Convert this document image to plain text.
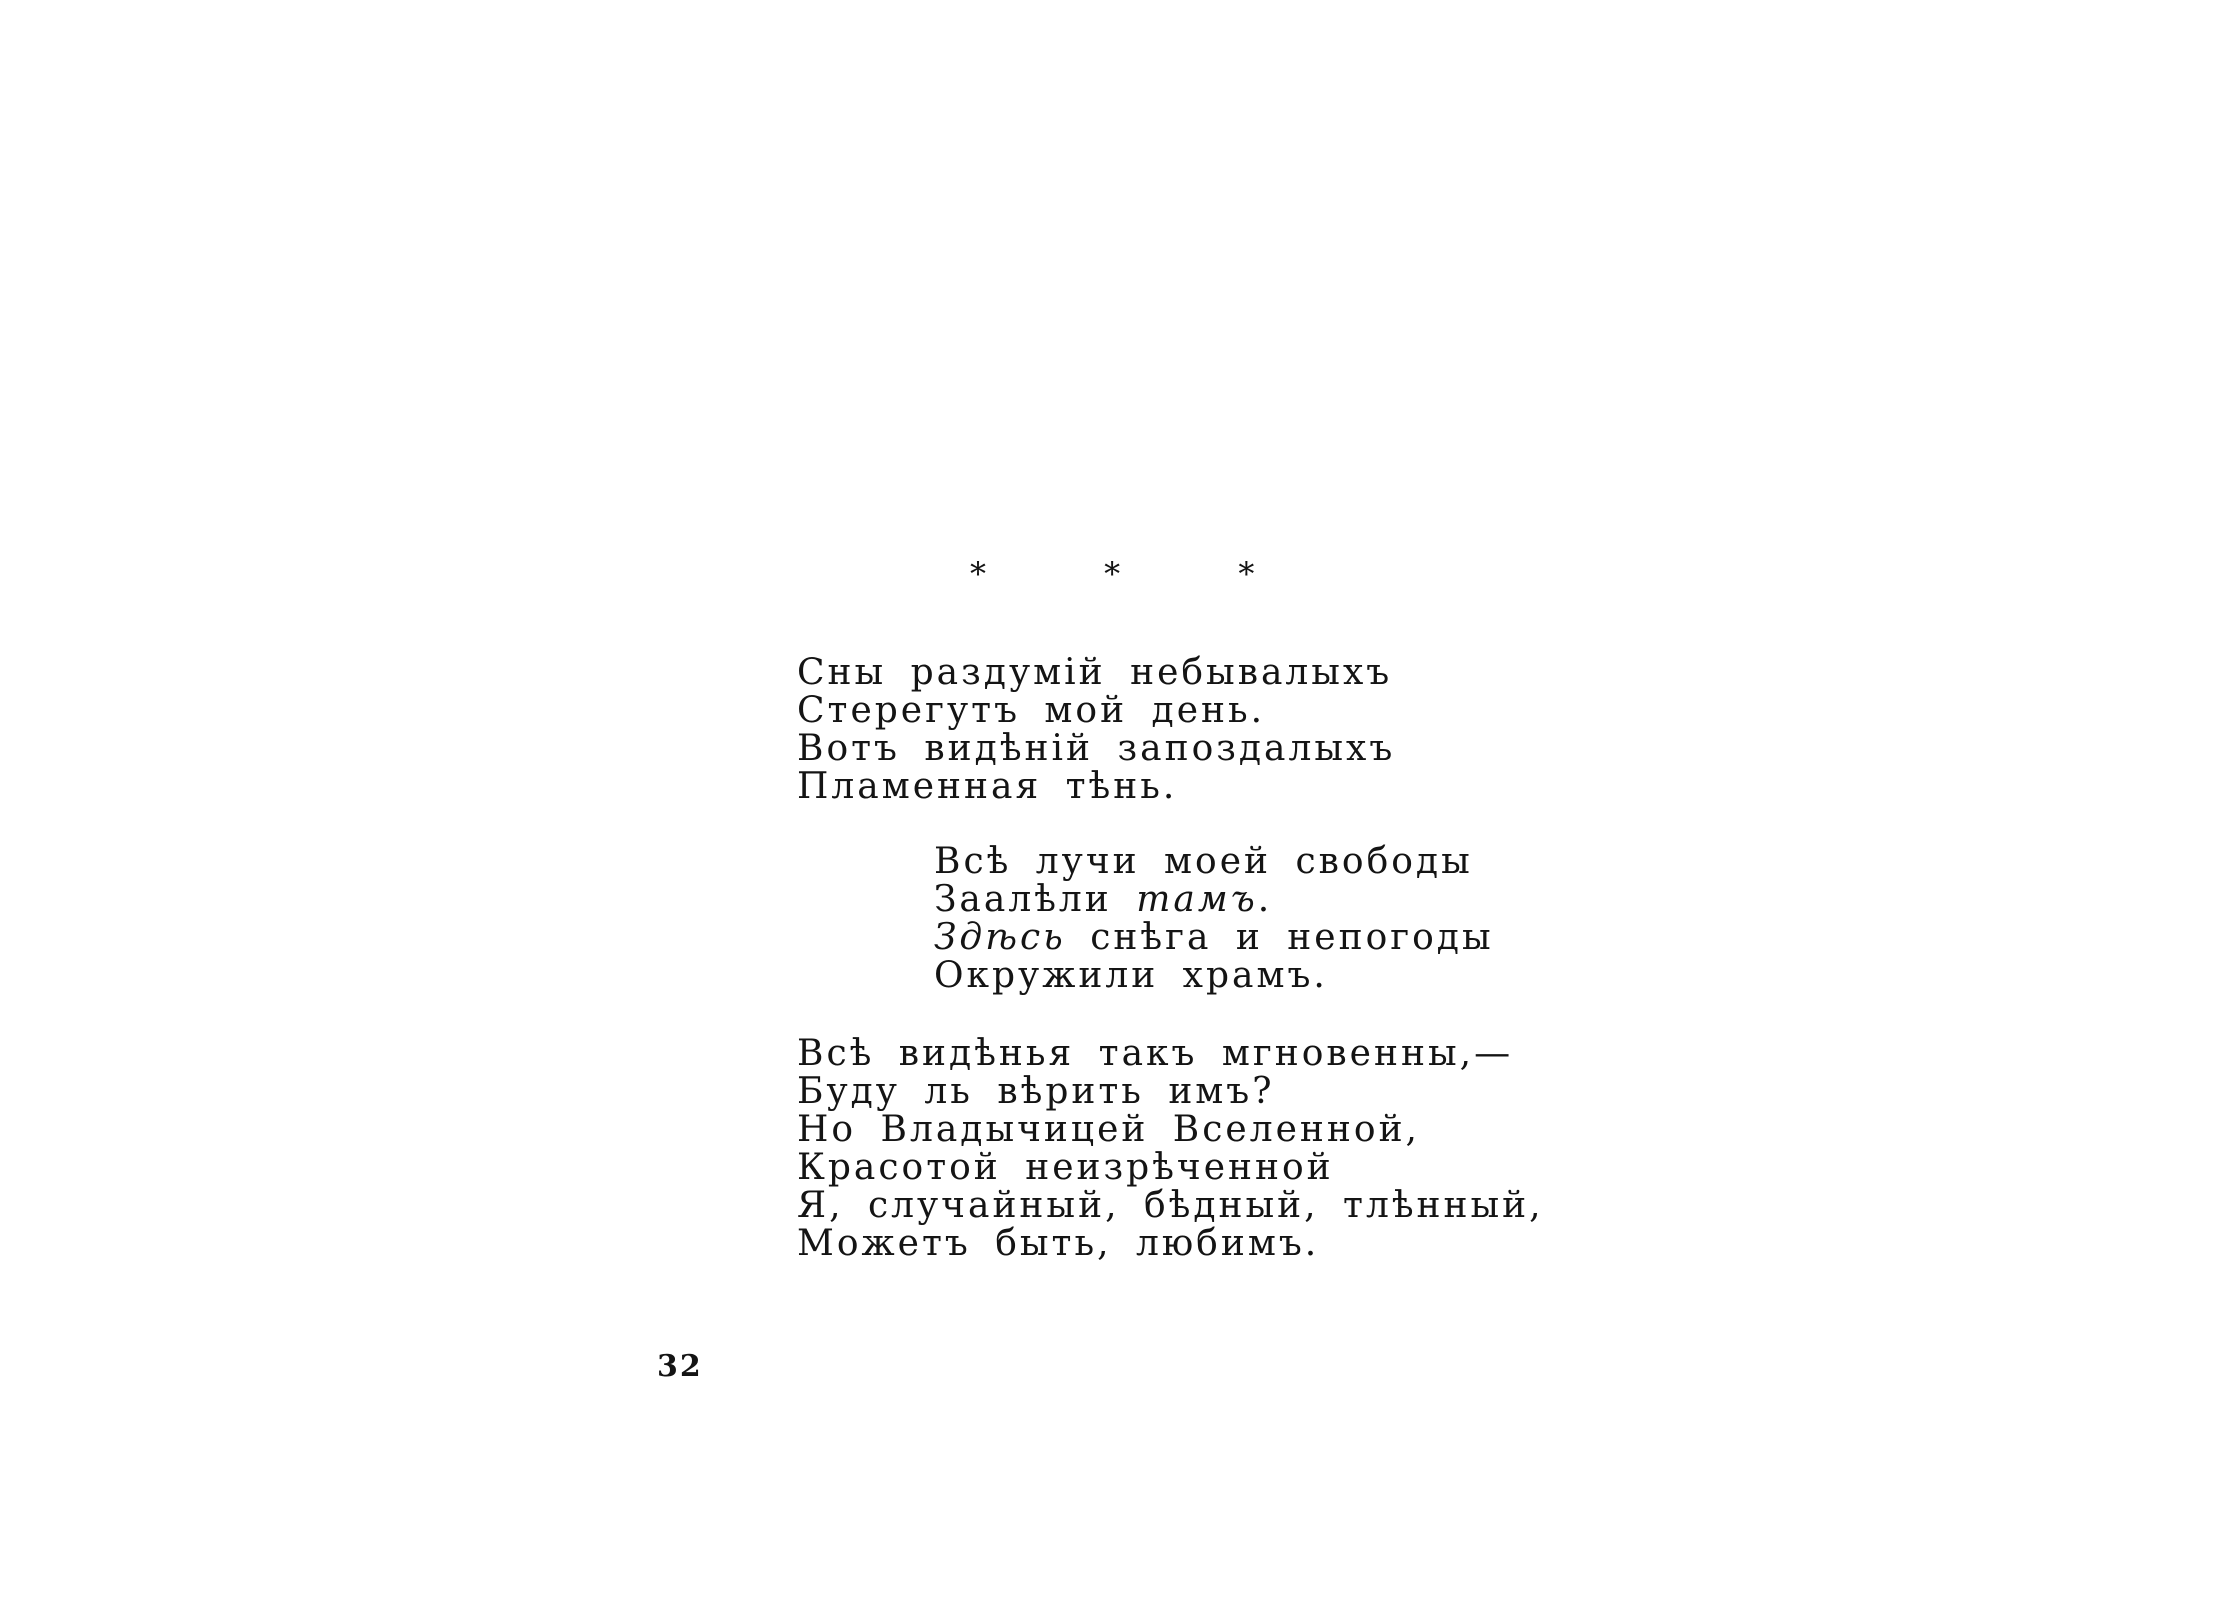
* * *
Сны раздумій небывалыхъ
Стерегутъ мой день.
Вотъ видѣній запоздалыхъ
Пламенная тѣнь.
Всѣ лучи моей свободы
Заалѣли тамъ.
Здѣсь снѣга и непогоды
Окружили храмъ.
Всѣ видѣнья такъ мгновенны,—
Буду ль вѣрить имъ?
Но Владычицей Вселенной,
Красотой неизрѣченной
Я, случайный, бѣдный, тлѣнный,
Можетъ быть, любимъ.
32
